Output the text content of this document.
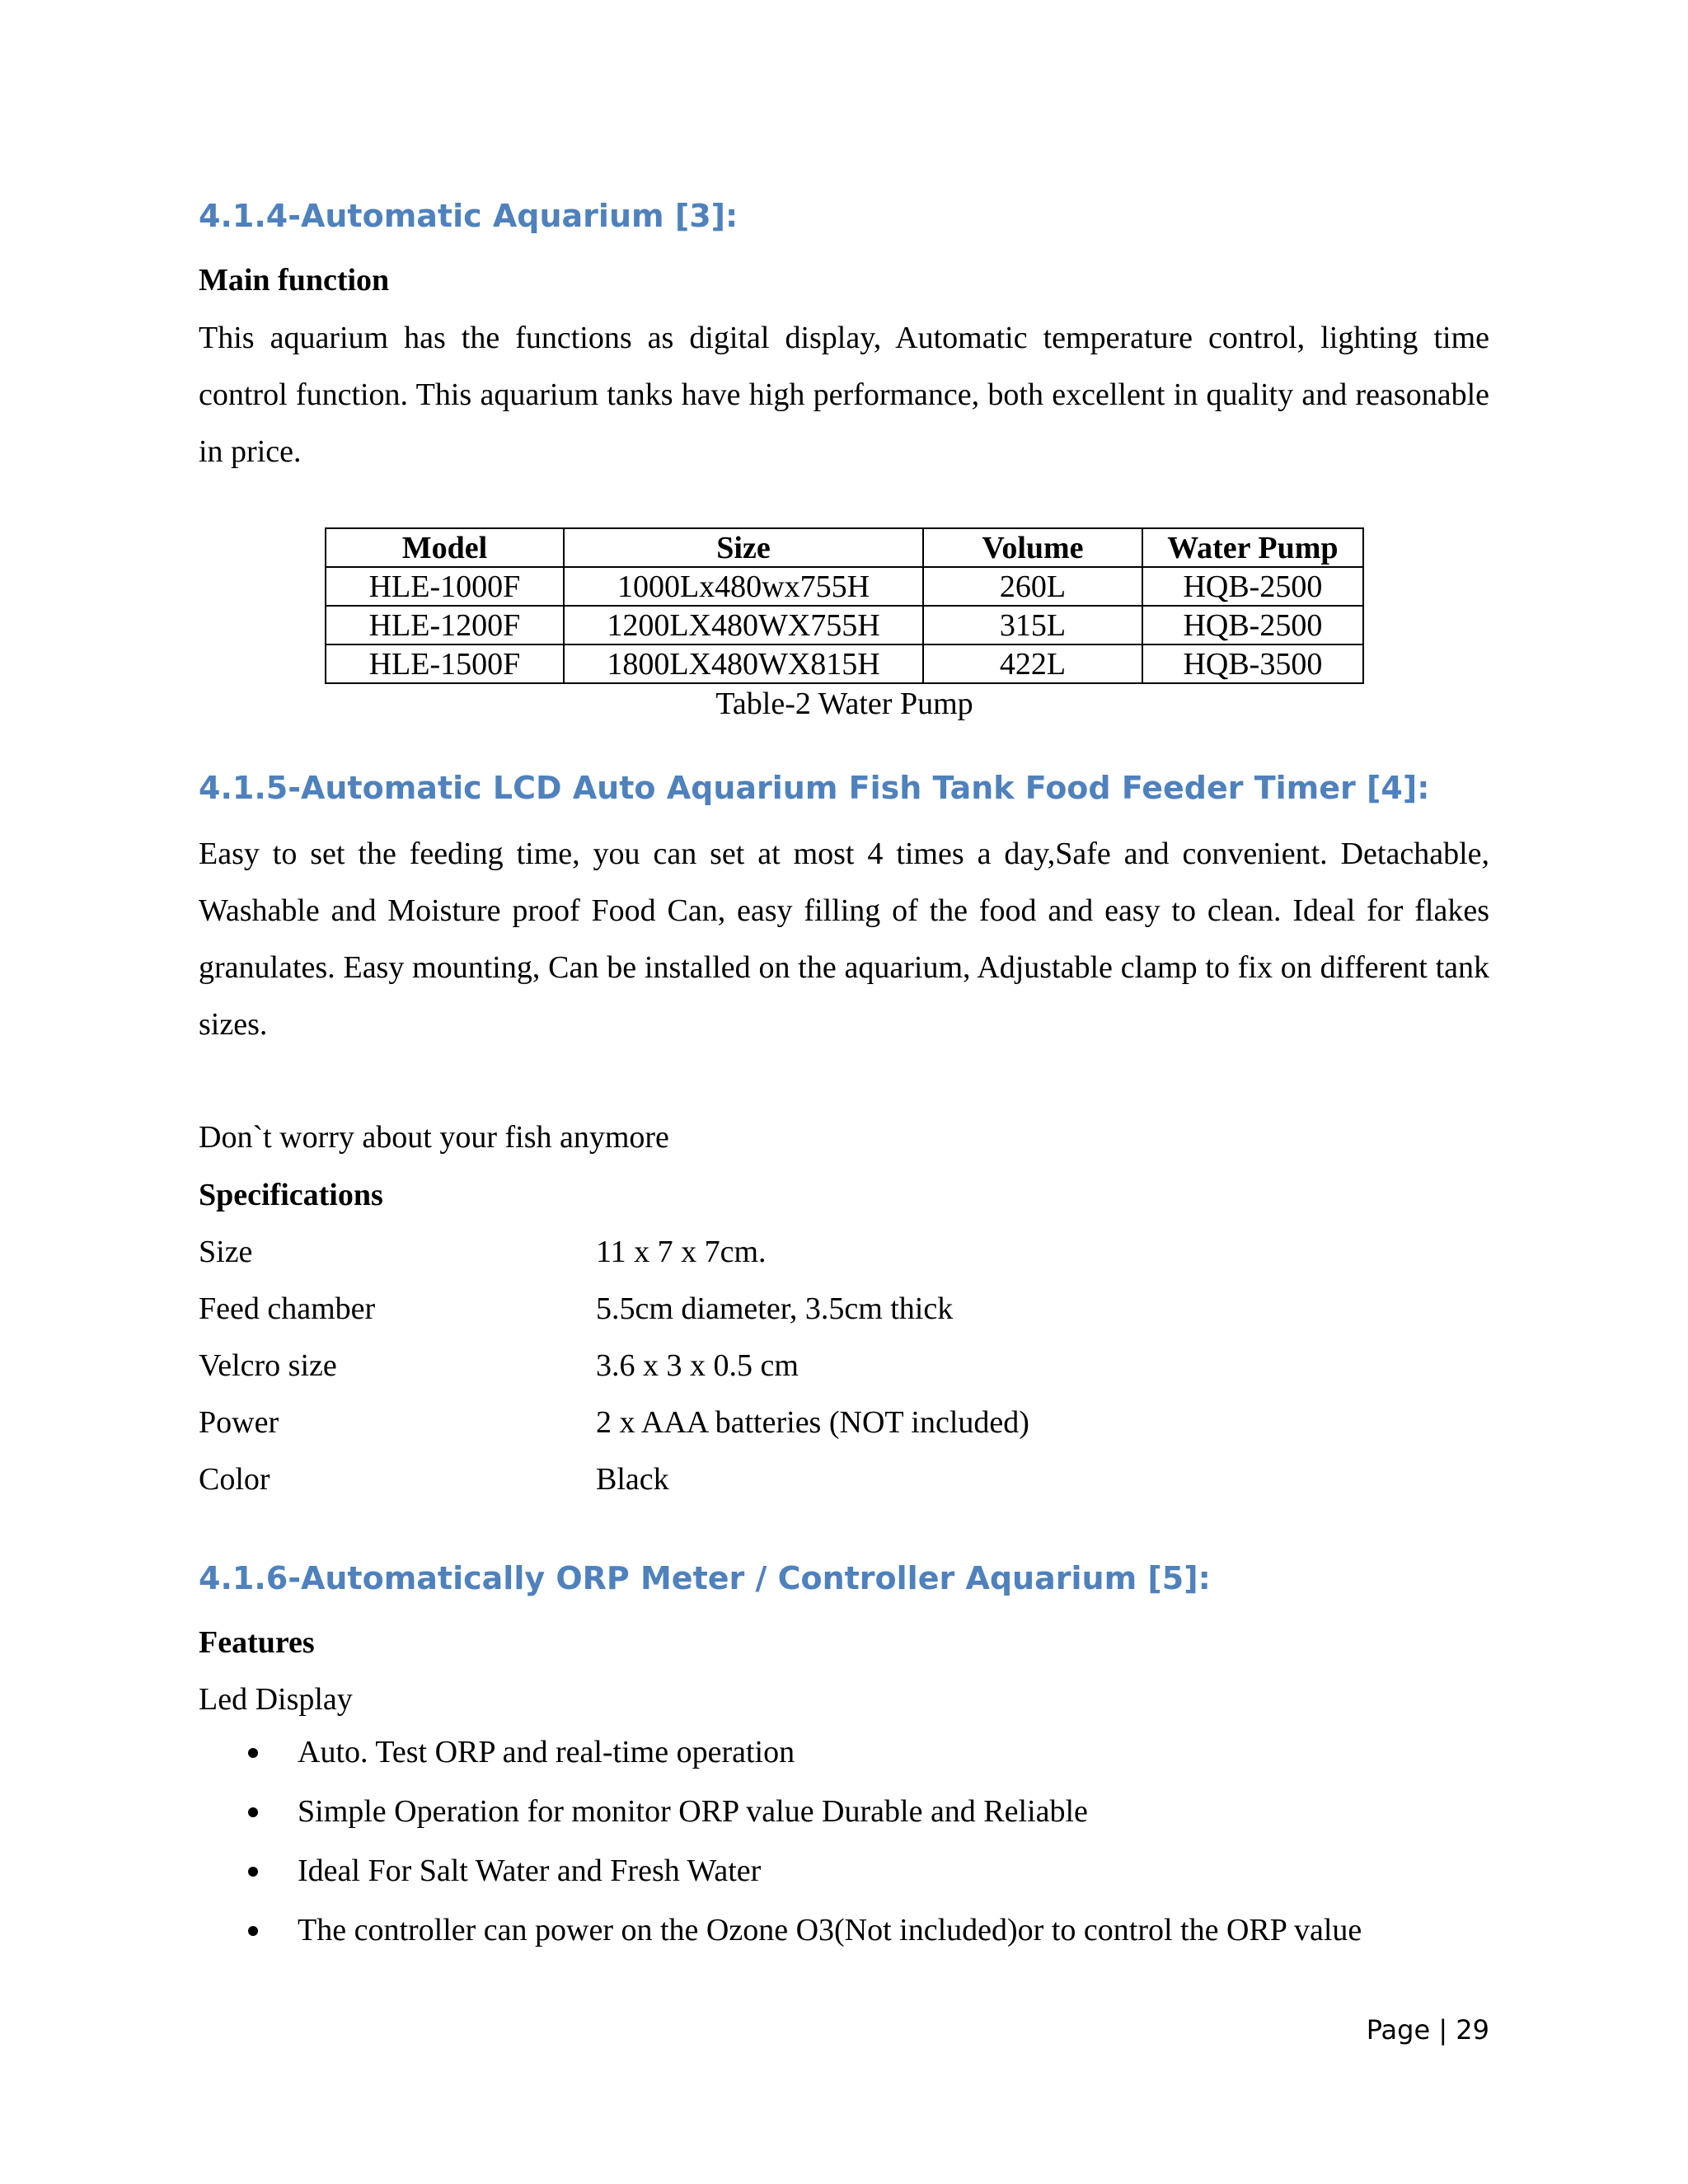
4.1.4-Automatic Aquarium [3]:

Main function

This aquarium has the functions as digital display, Automatic temperature control, lighting time control function. This aquarium tanks have high performance, both excellent in quality and reasonable in price.

Model	Size	Volume	Water Pump
HLE-1000F	1000Lx480wx755H	260L	HQB-2500
HLE-1200F	1200LX480WX755H	315L	HQB-2500
HLE-1500F	1800LX480WX815H	422L	HQB-3500

Table-2 Water Pump

4.1.5-Automatic LCD Auto Aquarium Fish Tank Food Feeder Timer [4]:

Easy to set the feeding time, you can set at most 4 times a day,Safe and convenient. Detachable, Washable and Moisture proof Food Can, easy filling of the food and easy to clean. Ideal for flakes granulates. Easy mounting, Can be installed on the aquarium, Adjustable clamp to fix on different tank sizes.

Don`t worry about your fish anymore

Specifications

Size	11 x 7 x 7cm.
Feed chamber	5.5cm diameter, 3.5cm thick
Velcro size	3.6 x 3 x 0.5 cm
Power	2 x AAA batteries (NOT included)
Color	Black
4.1.6-Automatically ORP Meter / Controller Aquarium [5]:

Features

Led Display

Auto. Test ORP and real-time operation
Simple Operation for monitor ORP value Durable and Reliable
Ideal For Salt Water and Fresh Water
The controller can power on the Ozone O3(Not included)or to control the ORP value

Page | 29
